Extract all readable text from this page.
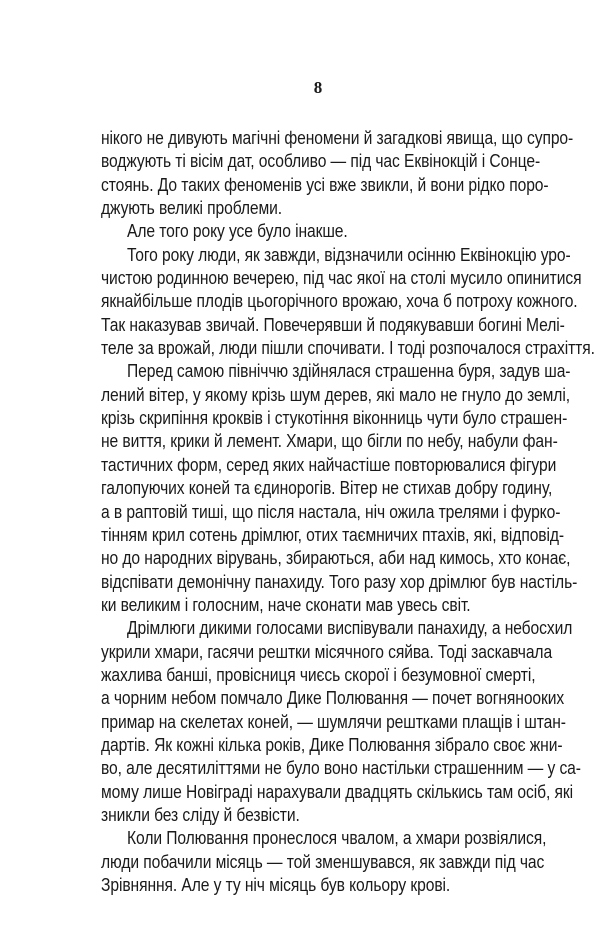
8
нікого не дивують магічні феномени й загадкові явища, що супро-
воджують ті вісім дат, особливо — під час Еквінокцій і Сонце-
стоянь. До таких феноменів усі вже звикли, й вони рідко поро-
джують великі проблеми.
Але того року усе було інакше.
Того року люди, як завжди, відзначили осінню Еквінокцію уро-
чистою родинною вечерею, під час якої на столі мусило опинитися
якнайбільше плодів цьогорічного врожаю, хоча б потроху кожного.
Так наказував звичай. Повечерявши й подякувавши богині Мелі-
теле за врожай, люди пішли спочивати. І тоді розпочалося страхіття.
Перед самою північчю здійнялася страшенна буря, задув ша-
лений вітер, у якому крізь шум дерев, які мало не гнуло до землі,
крізь скрипіння кроквів і стукотіння віконниць чути було страшен-
не виття, крики й лемент. Хмари, що бігли по небу, набули фан-
тастичних форм, серед яких найчастіше повторювалися фігури
галопуючих коней та єдинорогів. Вітер не стихав добру годину,
а в раптовій тиші, що після настала, ніч ожила трелями і фурко-
тінням крил сотень дрімлюг, отих таємничих птахів, які, відповід-
но до народних вірувань, збираються, аби над кимось, хто конає,
відспівати демонічну панахиду. Того разу хор дрімлюг був настіль-
ки великим і голосним, наче сконати мав увесь світ.
Дрімлюги дикими голосами виспівували панахиду, а небосхил
укрили хмари, гасячи рештки місячного сяйва. Тоді заскавчала
жахлива банші, провісниця чиєсь скорої і безумовної смерті,
а чорним небом помчало Дике Полювання — почет вогнянооких
примар на скелетах коней, — шумлячи рештками плащів і штан-
дартів. Як кожні кілька років, Дике Полювання зібрало своє жни-
во, але десятиліттями не було воно настільки страшенним — у са-
мому лише Новіграді нарахували двадцять скількись там осіб, які
зникли без сліду й безвісти.
Коли Полювання пронеслося чвалом, а хмари розвіялися,
люди побачили місяць — той зменшувався, як завжди під час
Зрівняння. Але у ту ніч місяць був кольору крові.
